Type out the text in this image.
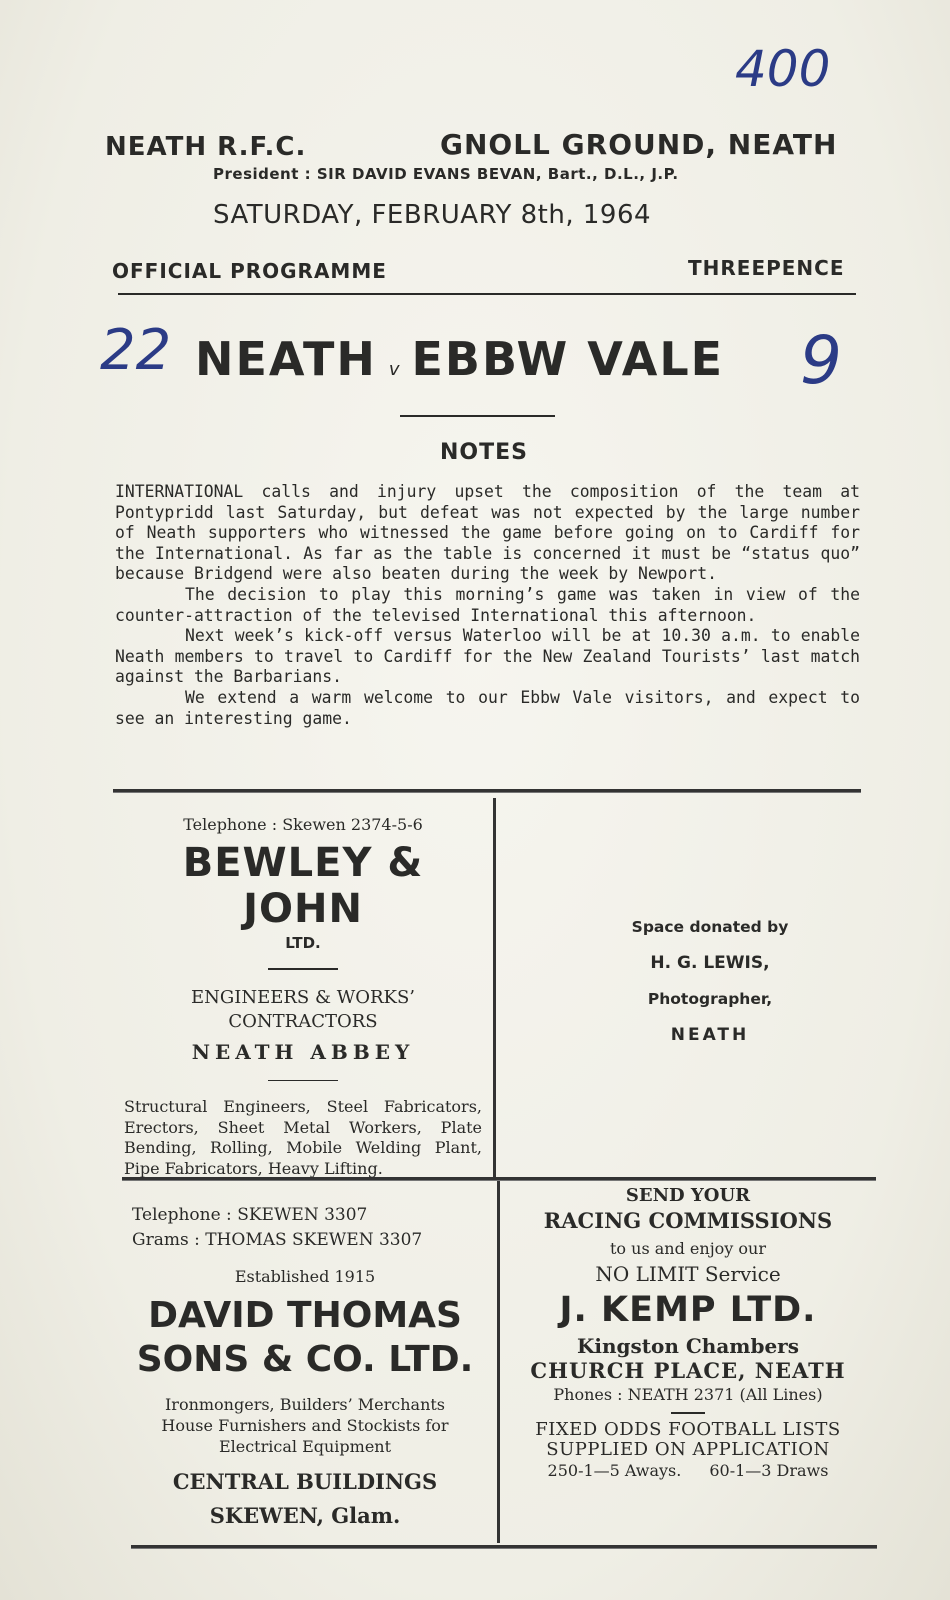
400
NEATH R.F.C.	GNOLL GROUND, NEATH
President : SIR DAVID EVANS BEVAN, Bart., D.L., J.P.
SATURDAY, FEBRUARY 8th, 1964
OFFICIAL PROGRAMME	THREEPENCE
22 NEATH v EBBW VALE 9
NOTES

INTERNATIONAL calls and injury upset the composition of the team at Pontypridd last Saturday, but defeat was not expected by the large number of Neath supporters who witnessed the game before going on to Cardiff for the International. As far as the table is concerned it must be “status quo” because Bridgend were also beaten during the week by Newport.

The decision to play this morning’s game was taken in view of the counter-attraction of the televised International this afternoon.

Next week’s kick-off versus Waterloo will be at 10.30 a.m. to enable Neath members to travel to Cardiff for the New Zealand Tourists’ last match against the Barbarians.

We extend a warm welcome to our Ebbw Vale visitors, and expect to see an interesting game.

Telephone : Skewen 2374-5-6
BEWLEY & JOHN
LTD.
ENGINEERS & WORKS’
CONTRACTORS
NEATH ABBEY
Structural Engineers, Steel Fabricators, Erectors, Sheet Metal Workers, Plate Bending, Rolling, Mobile Welding Plant, Pipe Fabricators, Heavy Lifting.
Space donated by
H. G. LEWIS,
Photographer,
NEATH
Telephone : SKEWEN 3307
Grams : THOMAS SKEWEN 3307
Established 1915
DAVID THOMAS
SONS & CO. LTD.
Ironmongers, Builders’ Merchants
House Furnishers and Stockists for
Electrical Equipment
CENTRAL BUILDINGS
SKEWEN, Glam.
SEND YOUR
RACING COMMISSIONS
to us and enjoy our
NO LIMIT Service
J. KEMP LTD.
Kingston Chambers
CHURCH PLACE, NEATH
Phones : NEATH 2371 (All Lines)
FIXED ODDS FOOTBALL LISTS
SUPPLIED ON APPLICATION
250-1—5 Aways. 60-1—3 Draws
